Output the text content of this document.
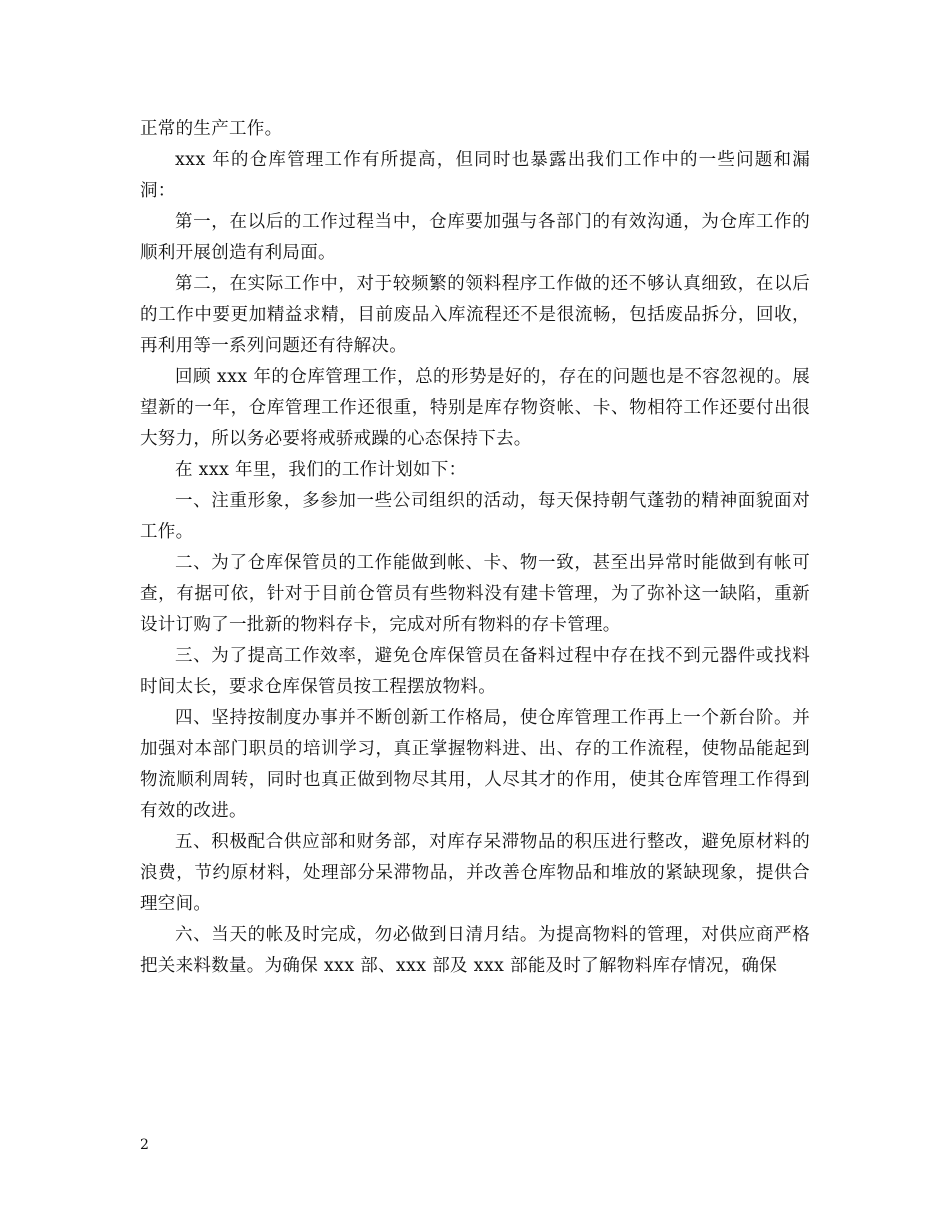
正常的生产工作。

xxx 年的仓库管理工作有所提高，但同时也暴露出我们工作中的一些问题和漏洞：

第一，在以后的工作过程当中，仓库要加强与各部门的有效沟通，为仓库工作的顺利开展创造有利局面。

第二，在实际工作中，对于较频繁的领料程序工作做的还不够认真细致，在以后的工作中要更加精益求精，目前废品入库流程还不是很流畅，包括废品拆分，回收，再利用等一系列问题还有待解决。

回顾 xxx 年的仓库管理工作，总的形势是好的，存在的问题也是不容忽视的。展望新的一年，仓库管理工作还很重，特别是库存物资帐、卡、物相符工作还要付出很大努力，所以务必要将戒骄戒躁的心态保持下去。

在 xxx 年里，我们的工作计划如下：

一、注重形象，多参加一些公司组织的活动，每天保持朝气蓬勃的精神面貌面对工作。

二、为了仓库保管员的工作能做到帐、卡、物一致，甚至出异常时能做到有帐可查，有据可依，针对于目前仓管员有些物料没有建卡管理，为了弥补这一缺陷，重新设计订购了一批新的物料存卡，完成对所有物料的存卡管理。

三、为了提高工作效率，避免仓库保管员在备料过程中存在找不到元器件或找料时间太长，要求仓库保管员按工程摆放物料。

四、坚持按制度办事并不断创新工作格局，使仓库管理工作再上一个新台阶。并加强对本部门职员的培训学习，真正掌握物料进、出、存的工作流程，使物品能起到物流顺利周转，同时也真正做到物尽其用，人尽其才的作用，使其仓库管理工作得到有效的改进。

五、积极配合供应部和财务部，对库存呆滞物品的积压进行整改，避免原材料的浪费，节约原材料，处理部分呆滞物品，并改善仓库物品和堆放的紧缺现象，提供合理空间。

六、当天的帐及时完成，勿必做到日清月结。为提高物料的管理，对供应商严格把关来料数量。为确保 xxx 部、xxx 部及 xxx 部能及时了解物料库存情况，确保

2
